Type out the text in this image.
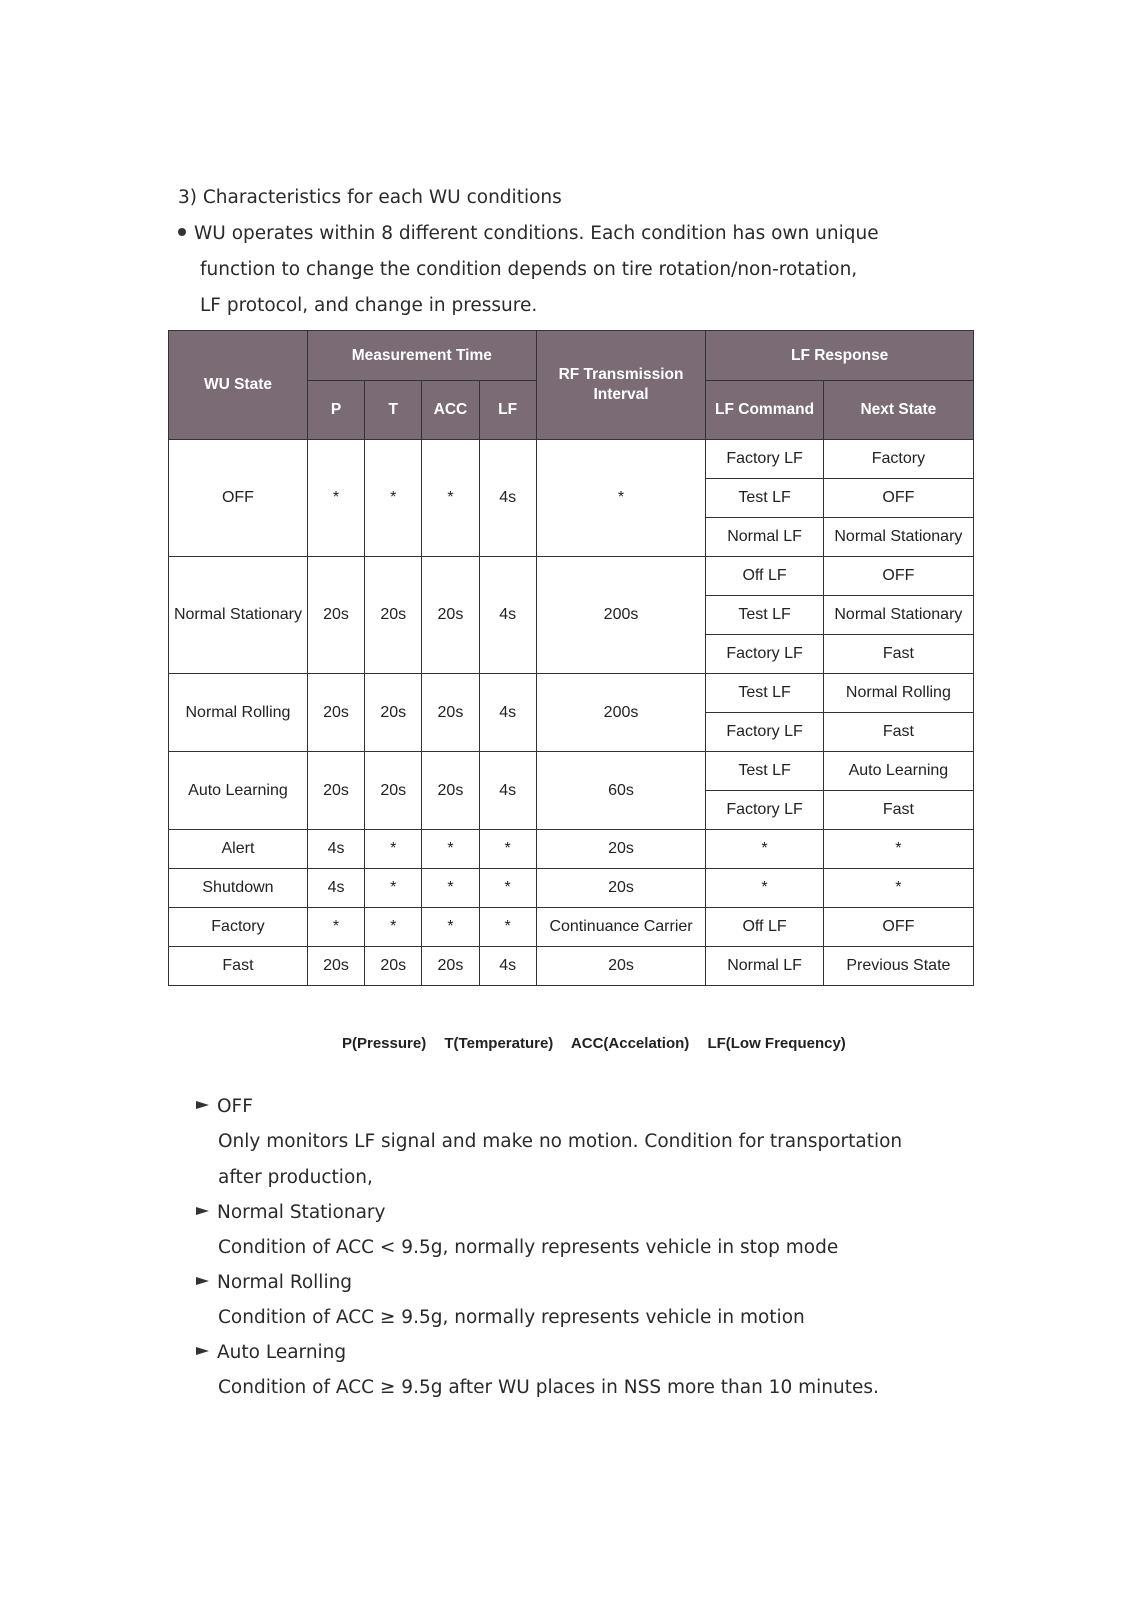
3) Characteristics for each WU conditions
WU operates within 8 different conditions. Each condition has own unique
function to change the condition depends on tire rotation/non-rotation,
LF protocol, and change in pressure.
WU State	Measurement Time				RF Transmission Interval	LF Response	
	P	T	ACC	LF		LF Command	Next State
OFF	*	*	*	4s	*	Factory LF	Factory
						Test LF	OFF
						Normal LF	Normal Stationary
Normal Stationary	20s	20s	20s	4s	200s	Off LF	OFF
						Test LF	Normal Stationary
						Factory LF	Fast
Normal Rolling	20s	20s	20s	4s	200s	Test LF	Normal Rolling
						Factory LF	Fast
Auto Learning	20s	20s	20s	4s	60s	Test LF	Auto Learning
						Factory LF	Fast
Alert	4s	*	*	*	20s	*	*
Shutdown	4s	*	*	*	20s	*	*
Factory	*	*	*	*	Continuance Carrier	Off LF	OFF
Fast	20s	20s	20s	4s	20s	Normal LF	Previous State
P(Pressure) T(Temperature) ACC(Accelation) LF(Low Frequency)
OFF
Only monitors LF signal and make no motion. Condition for transportation
after production,
Normal Stationary
Condition of ACC < 9.5g, normally represents vehicle in stop mode
Normal Rolling
Condition of ACC ≥ 9.5g, normally represents vehicle in motion
Auto Learning
Condition of ACC ≥ 9.5g after WU places in NSS more than 10 minutes.
